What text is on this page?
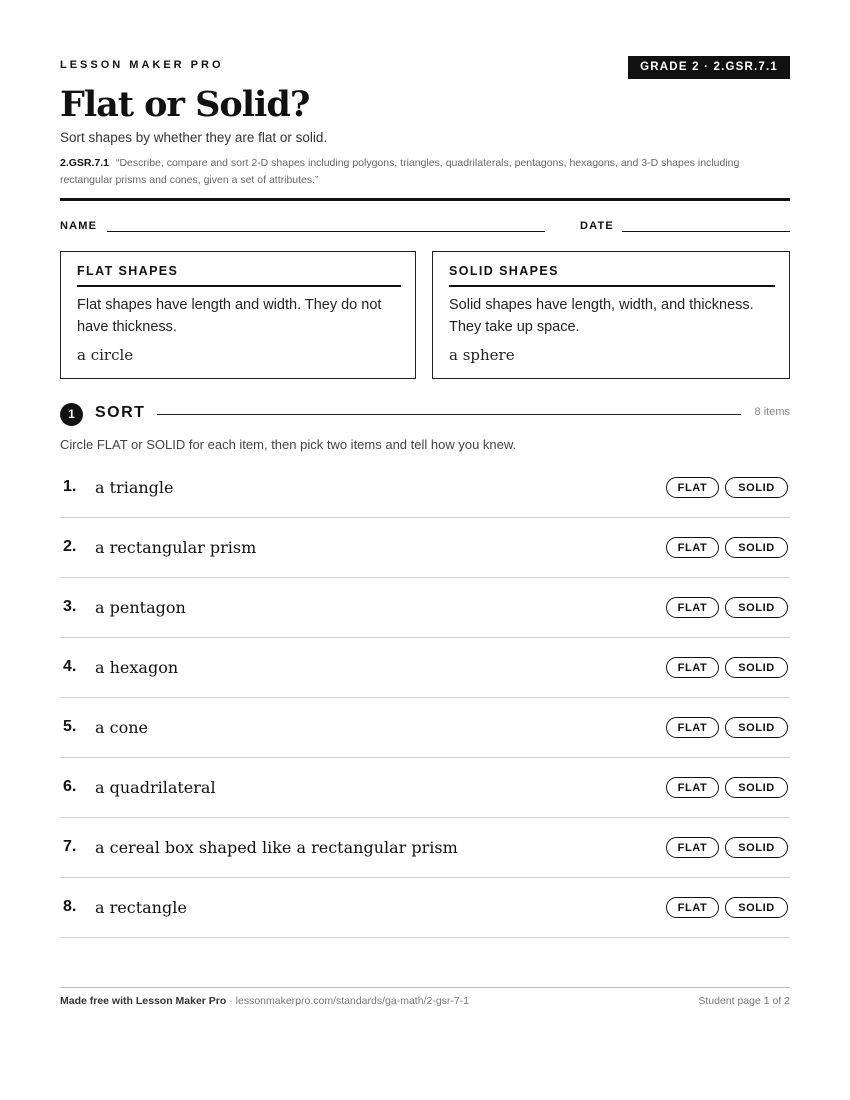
LESSON MAKER PRO	GRADE 2 · 2.GSR.7.1
Flat or Solid?
Sort shapes by whether they are flat or solid.
2.GSR.7.1 “Describe, compare and sort 2-D shapes including polygons, triangles, quadrilaterals, pentagons, hexagons, and 3-D shapes including rectangular prisms and cones, given a set of attributes.”
NAME	DATE
FLAT SHAPES
Flat shapes have length and width. They do not have thickness.
a circle
SOLID SHAPES
Solid shapes have length, width, and thickness. They take up space.
a sphere
1	SORT	8 items
Circle FLAT or SOLID for each item, then pick two items and tell how you knew.
1. a triangle	FLAT	SOLID
2. a rectangular prism	FLAT	SOLID
3. a pentagon	FLAT	SOLID
4. a hexagon	FLAT	SOLID
5. a cone	FLAT	SOLID
6. a quadrilateral	FLAT	SOLID
7. a cereal box shaped like a rectangular prism	FLAT	SOLID
8. a rectangle	FLAT	SOLID
Made free with Lesson Maker Pro · lessonmakerpro.com/standards/ga-math/2-gsr-7-1	Student page 1 of 2
